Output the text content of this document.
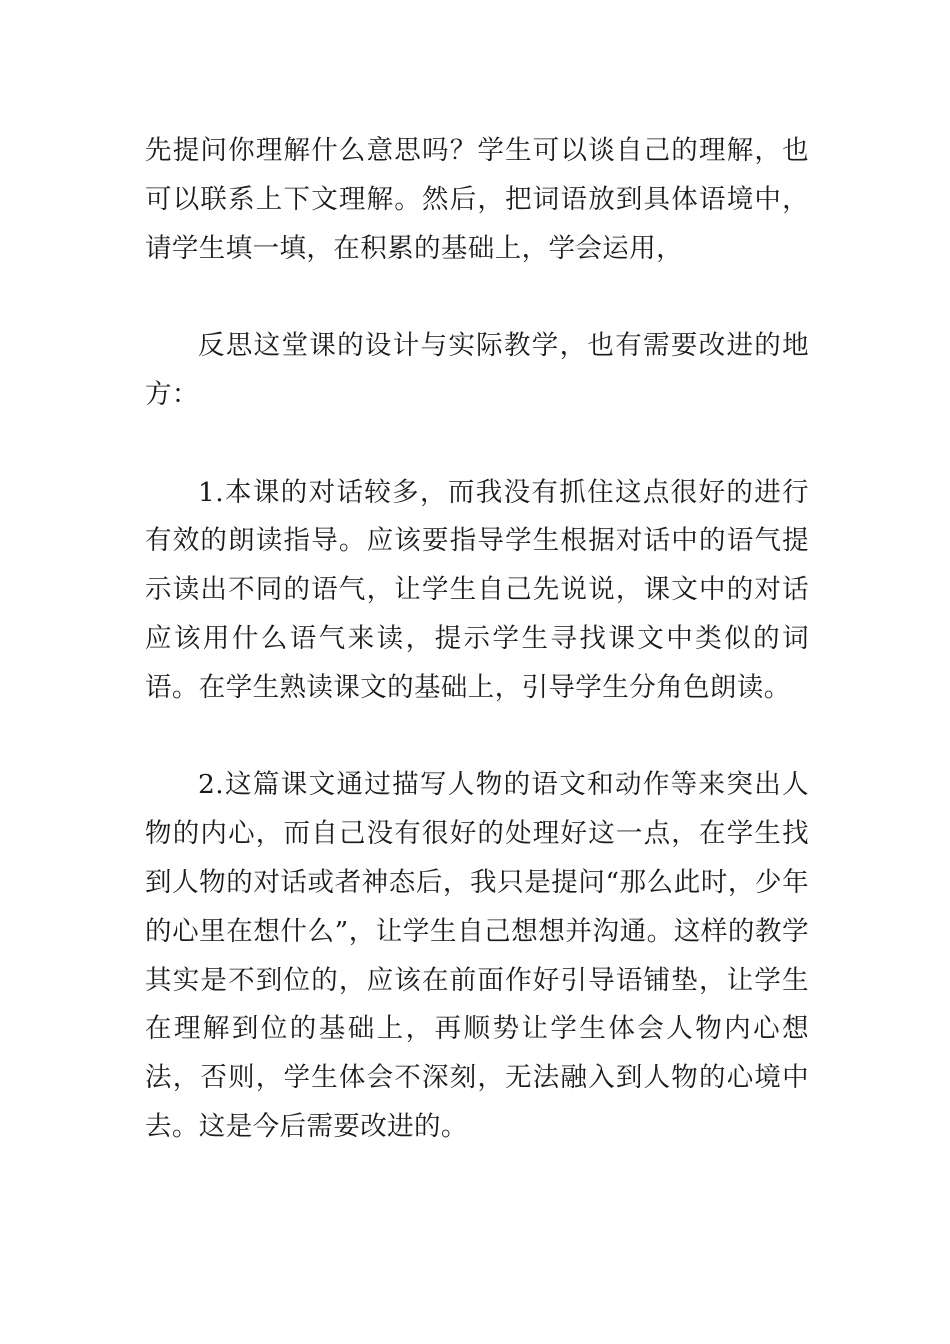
先提问你理解什么意思吗？学生可以谈自己的理解，也可以联系上下文理解。然后，把词语放到具体语境中，请学生填一填，在积累的基础上，学会运用，

反思这堂课的设计与实际教学，也有需要改进的地方：

1.本课的对话较多，而我没有抓住这点很好的进行有效的朗读指导。应该要指导学生根据对话中的语气提示读出不同的语气，让学生自己先说说，课文中的对话应该用什么语气来读，提示学生寻找课文中类似的词语。在学生熟读课文的基础上，引导学生分角色朗读。

2.这篇课文通过描写人物的语文和动作等来突出人物的内心，而自己没有很好的处理好这一点，在学生找到人物的对话或者神态后，我只是提问“那么此时，少年的心里在想什么”，让学生自己想想并沟通。这样的教学其实是不到位的，应该在前面作好引导语铺垫，让学生在理解到位的基础上，再顺势让学生体会人物内心想法，否则，学生体会不深刻，无法融入到人物的心境中去。这是今后需要改进的。
